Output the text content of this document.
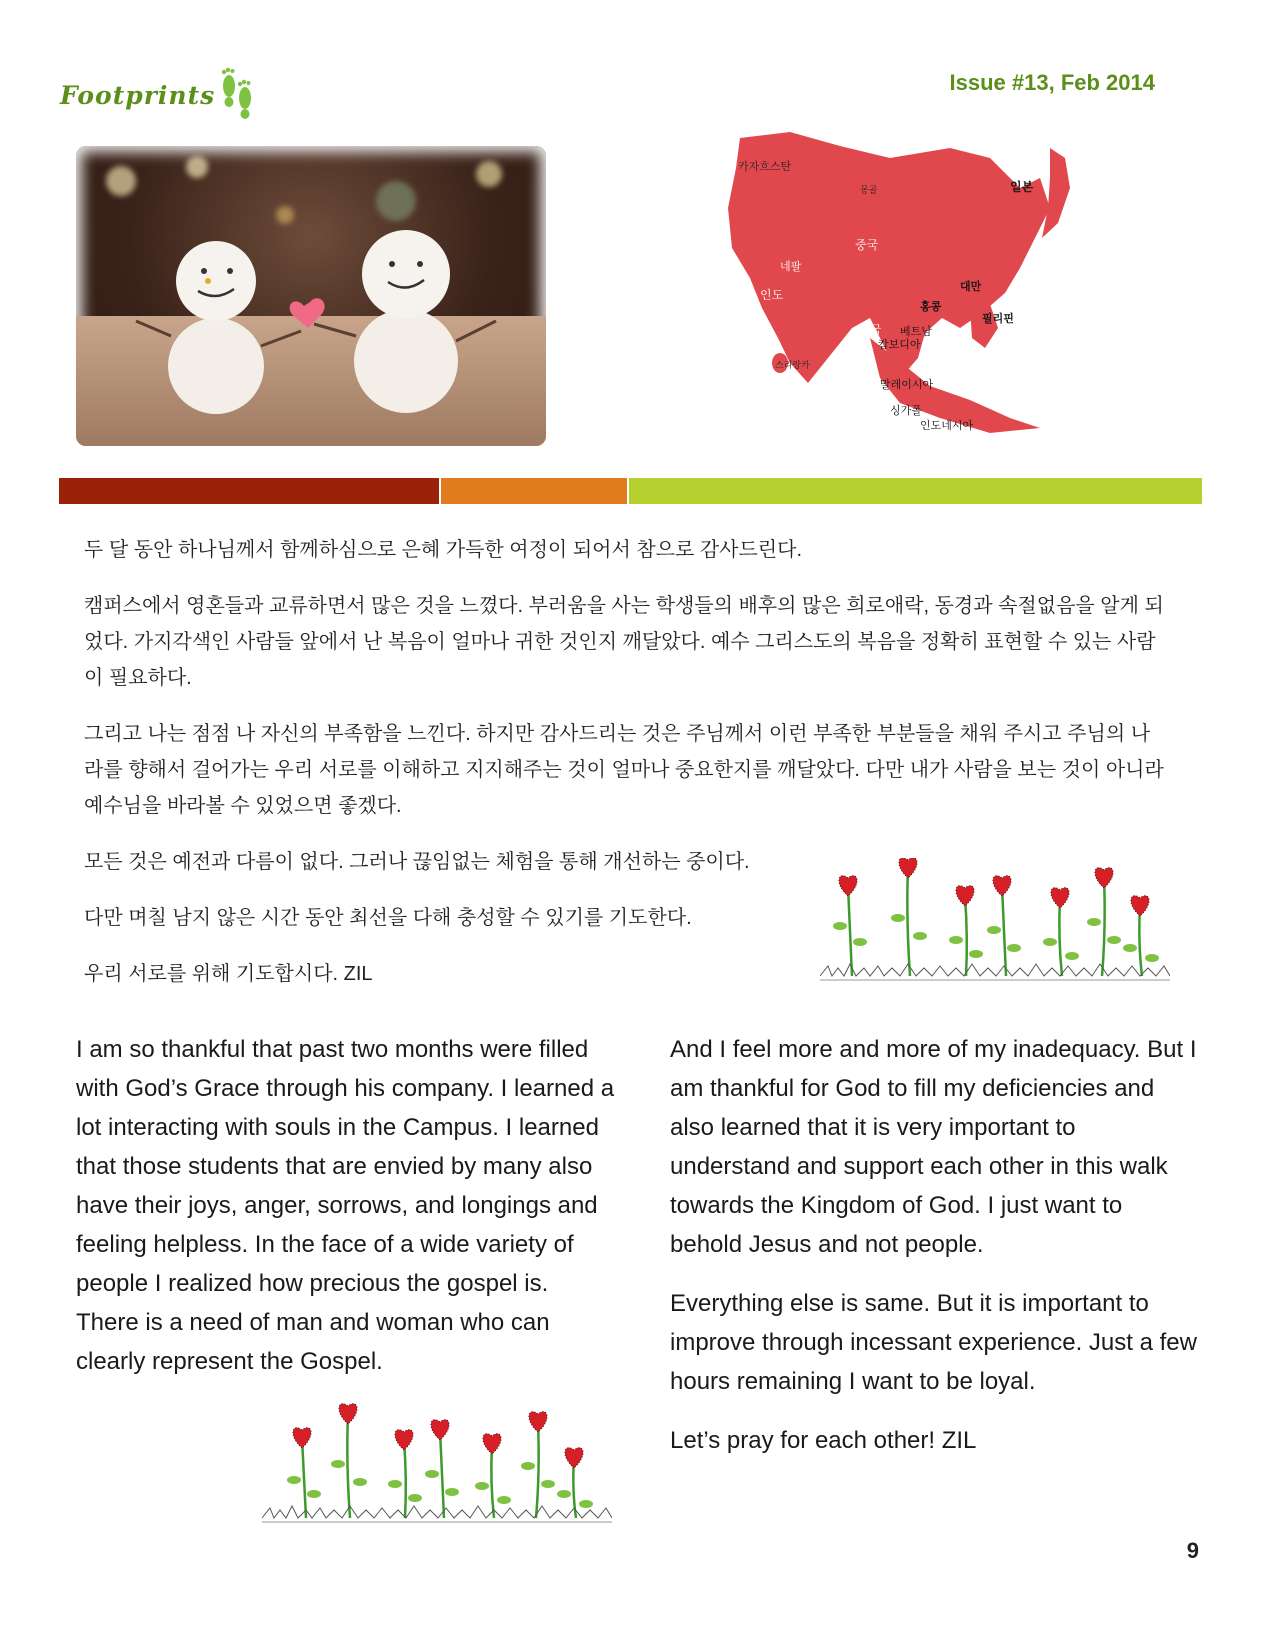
Footprints	Issue #13, Feb 2014
카자흐스탄
몽골
중국
일본
인도
네팔
대만
홍콩
필리핀
태국 베트남
캄보디아
말레이시아
싱가폴
인도네시아
스리랑카

두 달 동안 하나님께서 함께하심으로 은혜 가득한 여정이 되어서 참으로 감사드린다.

캠퍼스에서 영혼들과 교류하면서 많은 것을 느꼈다. 부러움을 사는 학생들의 배후의 많은 희로애락, 동경과 속절없음을 알게 되었다. 가지각색인 사람들 앞에서 난 복음이 얼마나 귀한 것인지 깨달았다. 예수 그리스도의 복음을 정확히 표현할 수 있는 사람이 필요하다.

그리고 나는 점점 나 자신의 부족함을 느낀다. 하지만 감사드리는 것은 주님께서 이런 부족한 부분들을 채워 주시고 주님의 나라를 향해서 걸어가는 우리 서로를 이해하고 지지해주는 것이 얼마나 중요한지를 깨달았다. 다만 내가 사람을 보는 것이 아니라 예수님을 바라볼 수 있었으면 좋겠다.

모든 것은 예전과 다름이 없다. 그러나 끊임없는 체험을 통해 개선하는 중이다.

다만 며칠 남지 않은 시간 동안 최선을 다해 충성할 수 있기를 기도한다.

우리 서로를 위해 기도합시다. ZIL

I am so thankful that past two months were filled with God’s Grace through his company. I learned a lot interacting with souls in the Campus. I learned that those students that are envied by many also have their joys, anger, sorrows, and longings and feeling helpless. In the face of a wide variety of people I realized how precious the gospel is. There is a need of man and woman who can clearly represent the Gospel.

And I feel more and more of my inadequacy. But I am thankful for God to fill my deficiencies and also learned that it is very important to understand and support each other in this walk towards the Kingdom of God. I just want to behold Jesus and not people.

Everything else is same. But it is important to improve through incessant experience. Just a few hours remaining I want to be loyal.

Let’s pray for each other! ZIL

9
